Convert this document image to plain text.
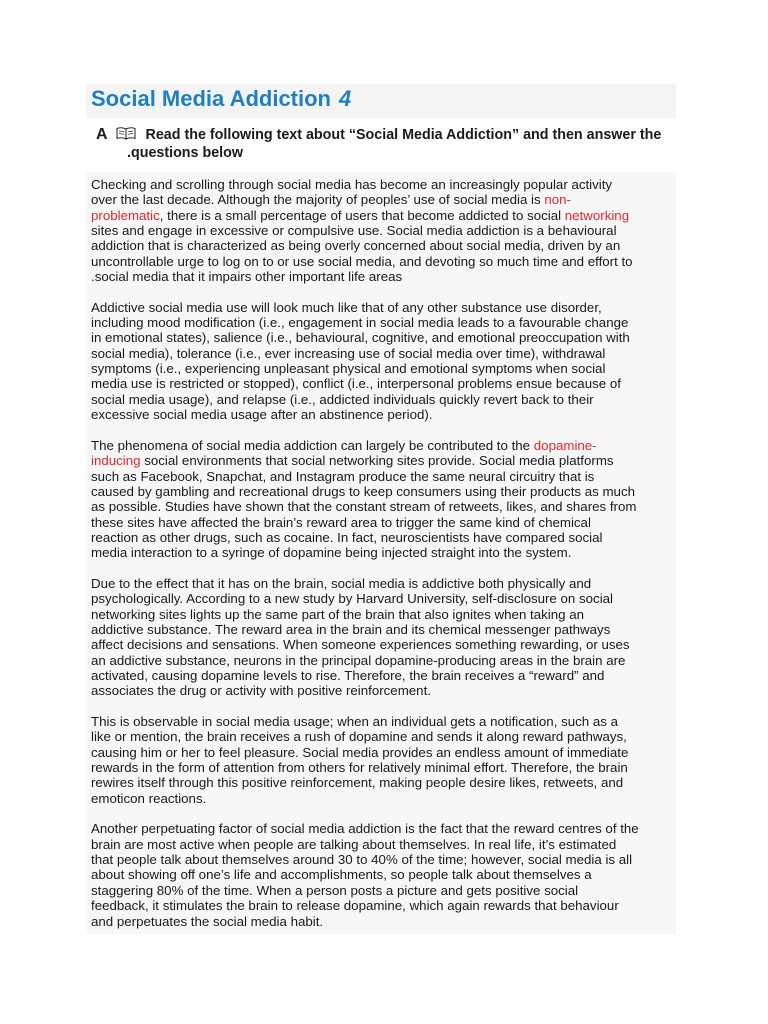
Social Media Addiction 4
A	Read the following text about “Social Media Addiction” and then answer the
.questions below

Checking and scrolling through social media has become an increasingly popular activity
over the last decade. Although the majority of peoples’ use of social media is non-
problematic, there is a small percentage of users that become addicted to social networking
sites and engage in excessive or compulsive use. Social media addiction is a behavioural
addiction that is characterized as being overly concerned about social media, driven by an
uncontrollable urge to log on to or use social media, and devoting so much time and effort to
.social media that it impairs other important life areas

Addictive social media use will look much like that of any other substance use disorder,
including mood modification (i.e., engagement in social media leads to a favourable change
in emotional states), salience (i.e., behavioural, cognitive, and emotional preoccupation with
social media), tolerance (i.e., ever increasing use of social media over time), withdrawal
symptoms (i.e., experiencing unpleasant physical and emotional symptoms when social
media use is restricted or stopped), conflict (i.e., interpersonal problems ensue because of
social media usage), and relapse (i.e., addicted individuals quickly revert back to their
excessive social media usage after an abstinence period).

The phenomena of social media addiction can largely be contributed to the dopamine-
inducing social environments that social networking sites provide. Social media platforms
such as Facebook, Snapchat, and Instagram produce the same neural circuitry that is
caused by gambling and recreational drugs to keep consumers using their products as much
as possible. Studies have shown that the constant stream of retweets, likes, and shares from
these sites have affected the brain’s reward area to trigger the same kind of chemical
reaction as other drugs, such as cocaine. In fact, neuroscientists have compared social
media interaction to a syringe of dopamine being injected straight into the system.

Due to the effect that it has on the brain, social media is addictive both physically and
psychologically. According to a new study by Harvard University, self-disclosure on social
networking sites lights up the same part of the brain that also ignites when taking an
addictive substance. The reward area in the brain and its chemical messenger pathways
affect decisions and sensations. When someone experiences something rewarding, or uses
an addictive substance, neurons in the principal dopamine-producing areas in the brain are
activated, causing dopamine levels to rise. Therefore, the brain receives a “reward” and
associates the drug or activity with positive reinforcement.

This is observable in social media usage; when an individual gets a notification, such as a
like or mention, the brain receives a rush of dopamine and sends it along reward pathways,
causing him or her to feel pleasure. Social media provides an endless amount of immediate
rewards in the form of attention from others for relatively minimal effort. Therefore, the brain
rewires itself through this positive reinforcement, making people desire likes, retweets, and
emoticon reactions.

Another perpetuating factor of social media addiction is the fact that the reward centres of the
brain are most active when people are talking about themselves. In real life, it’s estimated
that people talk about themselves around 30 to 40% of the time; however, social media is all
about showing off one’s life and accomplishments, so people talk about themselves a
staggering 80% of the time. When a person posts a picture and gets positive social
feedback, it stimulates the brain to release dopamine, which again rewards that behaviour
and perpetuates the social media habit.
